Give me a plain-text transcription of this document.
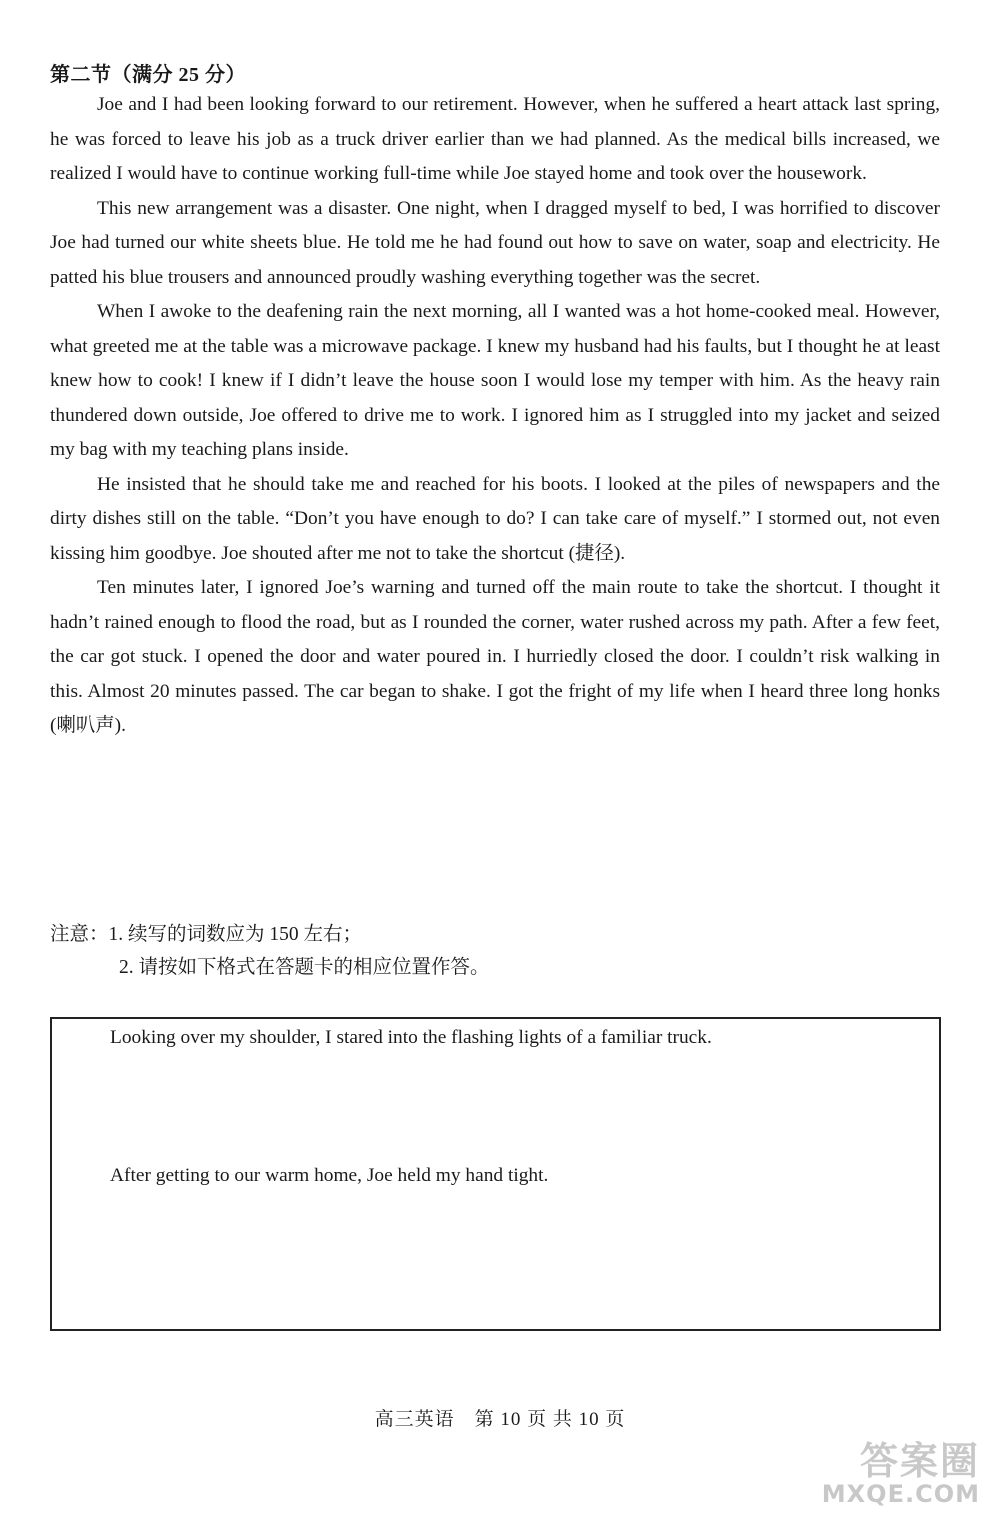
第二节（满分 25 分）

Joe and I had been looking forward to our retirement. However, when he suffered a heart attack last spring, he was forced to leave his job as a truck driver earlier than we had planned. As the medical bills increased, we realized I would have to continue working full-time while Joe stayed home and took over the housework.

This new arrangement was a disaster. One night, when I dragged myself to bed, I was horrified to discover Joe had turned our white sheets blue. He told me he had found out how to save on water, soap and electricity. He patted his blue trousers and announced proudly washing everything together was the secret.

When I awoke to the deafening rain the next morning, all I wanted was a hot home-cooked meal. However, what greeted me at the table was a microwave package. I knew my husband had his faults, but I thought he at least knew how to cook! I knew if I didn’t leave the house soon I would lose my temper with him. As the heavy rain thundered down outside, Joe offered to drive me to work. I ignored him as I struggled into my jacket and seized my bag with my teaching plans inside.

He insisted that he should take me and reached for his boots. I looked at the piles of newspapers and the dirty dishes still on the table. “Don’t you have enough to do? I can take care of myself.” I stormed out, not even kissing him goodbye. Joe shouted after me not to take the shortcut (捷径).

Ten minutes later, I ignored Joe’s warning and turned off the main route to take the shortcut. I thought it hadn’t rained enough to flood the road, but as I rounded the corner, water rushed across my path. After a few feet, the car got stuck. I opened the door and water poured in. I hurriedly closed the door. I couldn’t risk walking in this. Almost 20 minutes passed. The car began to shake. I got the fright of my life when I heard three long honks (喇叭声).

注意：1. 续写的词数应为 150 左右；
2. 请按如下格式在答题卡的相应位置作答。
Looking over my shoulder, I stared into the flashing lights of a familiar truck.
After getting to our warm home, Joe held my hand tight.
高三英语　第 10 页 共 10 页
答案圈
MXQE.COM
